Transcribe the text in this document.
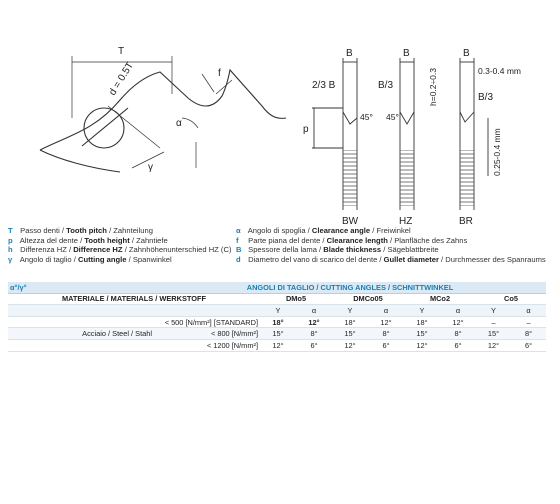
T
d = 0.5T	f
α
p
γ
B
2/3 B
45°
BW
B
B/3
45°
h=0.2÷0.3
HZ
B
0.3-0.4 mm
B/3
0.25-0.4 mm
BR
T Passo denti / Tooth pitch / Zahnteilung
p Altezza del dente / Tooth height / Zahntiefe
h Differenza HZ / Difference HZ / Zahnhöhenunterschied HZ (C)
γ Angolo di taglio / Cutting angle / Spanwinkel
α Angolo di spoglia / Clearance angle / Freiwinkel
f Parte piana del dente / Clearance length / Planfläche des Zahns
B Spessore della lama / Blade thickness / Sägeblattbreite
d Diametro del vano di scarico del dente / Gullet diameter / Durchmesser des Spanraums
α°/γ°	ANGOLI DI TAGLIO / CUTTING ANGLES / SCHNITTWINKEL								
MATERIALE / MATERIALS / WERKSTOFF		DMo5		DMCo05		MCo2		Co5	
		Υ	α	Υ	α	Υ	α	Υ	α
	< 500 [N/mm²] [STANDARD]	18°	12°	18°	12°	18°	12°	–	–
Acciaio / Steel / Stahl	< 800 [N/mm²]	15°	8°	15°	8°	15°	8°	15°	8°
	< 1200 [N/mm²]	12°	6°	12°	6°	12°	6°	12°	6°
